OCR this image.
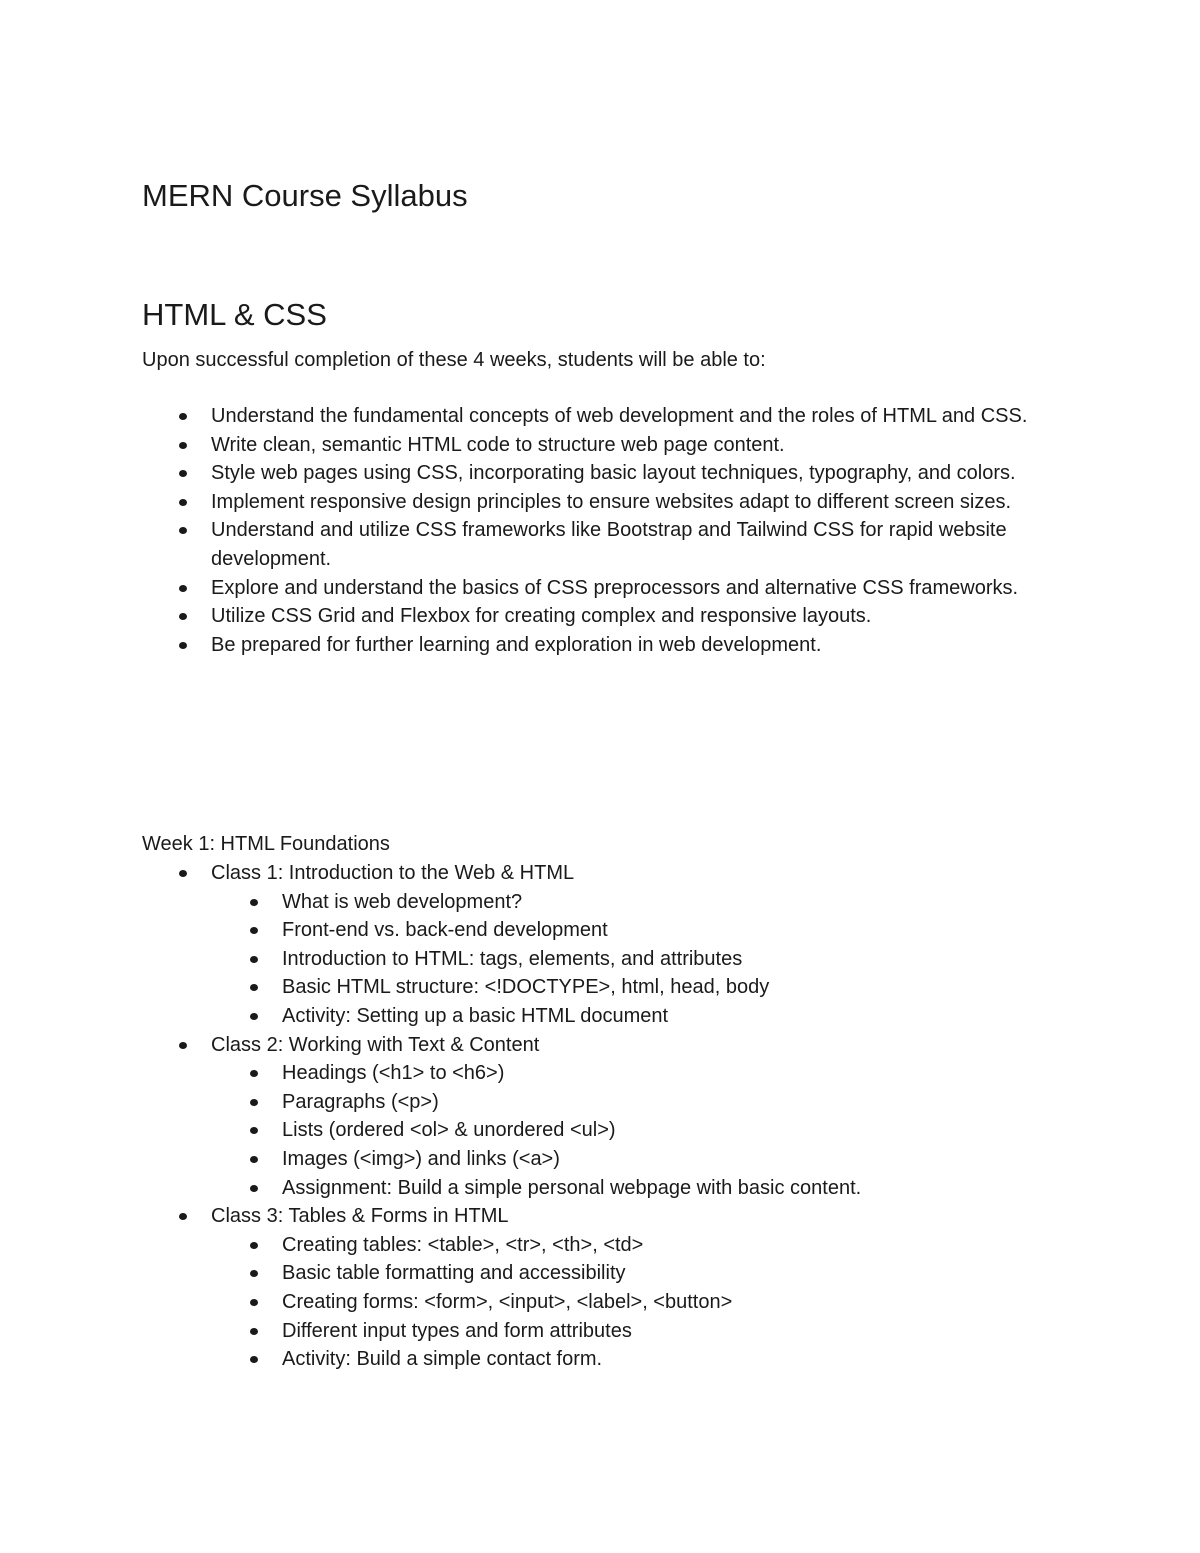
MERN Course Syllabus
HTML & CSS
Upon successful completion of these 4 weeks, students will be able to:
Understand the fundamental concepts of web development and the roles of HTML and CSS.
Write clean, semantic HTML code to structure web page content.
Style web pages using CSS, incorporating basic layout techniques, typography, and colors.
Implement responsive design principles to ensure websites adapt to different screen sizes.
Understand and utilize CSS frameworks like Bootstrap and Tailwind CSS for rapid website development.
Explore and understand the basics of CSS preprocessors and alternative CSS frameworks.
Utilize CSS Grid and Flexbox for creating complex and responsive layouts.
Be prepared for further learning and exploration in web development.
Week 1: HTML Foundations
Class 1: Introduction to the Web & HTML
What is web development?
Front-end vs. back-end development
Introduction to HTML: tags, elements, and attributes
Basic HTML structure: <!DOCTYPE>, html, head, body
Activity: Setting up a basic HTML document
Class 2: Working with Text & Content
Headings (<h1> to <h6>)
Paragraphs (<p>)
Lists (ordered <ol> & unordered <ul>)
Images (<img>) and links (<a>)
Assignment: Build a simple personal webpage with basic content.
Class 3: Tables & Forms in HTML
Creating tables: <table>, <tr>, <th>, <td>
Basic table formatting and accessibility
Creating forms: <form>, <input>, <label>, <button>
Different input types and form attributes
Activity: Build a simple contact form.
